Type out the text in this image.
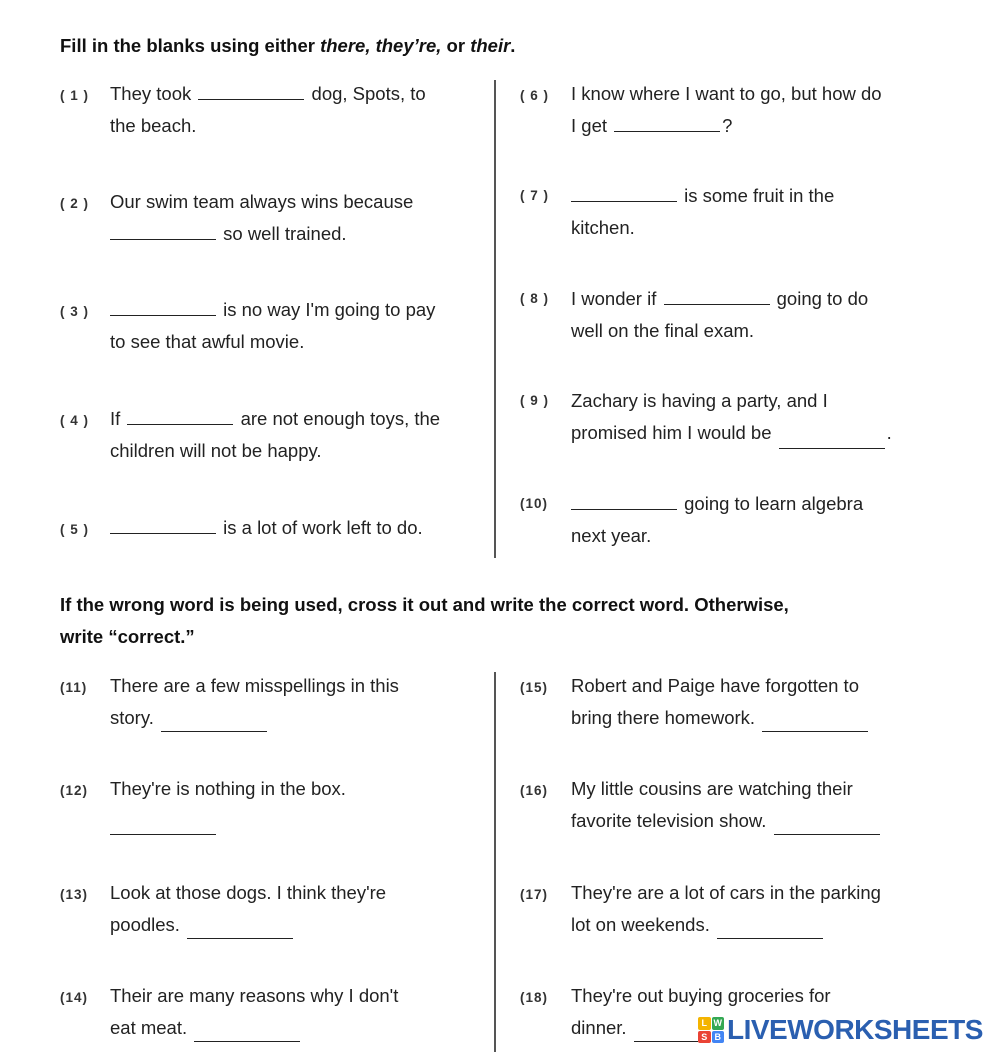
Fill in the blanks using either there, they’re, or their.
( 1 ) They took	dog, Spots, to
the beach.
( 2 ) Our swim team always wins because
so well trained.
( 3 )	is no way I'm going to pay
to see that awful movie.
( 4 ) If	are not enough toys, the
children will not be happy.
( 5 )	is a lot of work left to do.
( 6 ) I know where I want to go, but how do
I get	?
( 7 )	is some fruit in the
kitchen.
( 8 ) I wonder if	going to do
well on the final exam.
( 9 ) Zachary is having a party, and I
promised him I would be	.
(10)	going to learn algebra
next year.
If the wrong word is being used, cross it out and write the correct word. Otherwise,
write “correct.”
(11) There are a few misspellings in this
story.
(12) They're is nothing in the box.
(13) Look at those dogs. I think they're
poodles.
(14) Their are many reasons why I don't
eat meat.
(15) Robert and Paige have forgotten to
bring there homework.
(16) My little cousins are watching their
favorite television show.
(17) They're are a lot of cars in the parking
lot on weekends.
(18) They're out buying groceries for
dinner.	L W
S B LIVEWORKSHEETS
